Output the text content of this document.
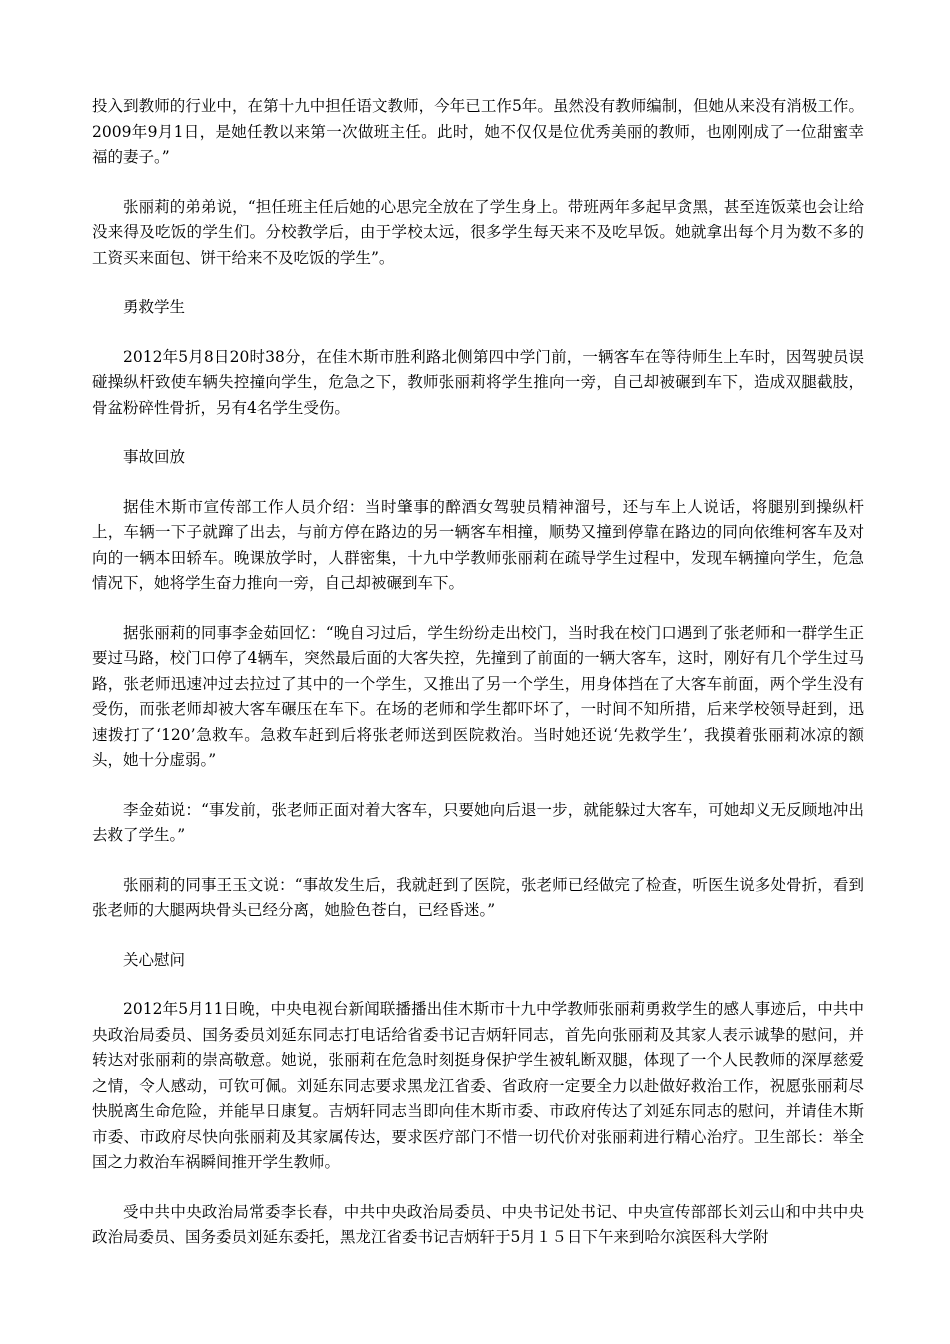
投入到教师的行业中，在第十九中担任语文教师，今年已工作5年。虽然没有教师编制，但她从来没有消极工作。2009年9月1日，是她任教以来第一次做班主任。此时，她不仅仅是位优秀美丽的教师，也刚刚成了一位甜蜜幸福的妻子。”

张丽莉的弟弟说，“担任班主任后她的心思完全放在了学生身上。带班两年多起早贪黑，甚至连饭菜也会让给没来得及吃饭的学生们。分校教学后，由于学校太远，很多学生每天来不及吃早饭。她就拿出每个月为数不多的工资买来面包、饼干给来不及吃饭的学生”。

勇救学生

2012年5月8日20时38分，在佳木斯市胜利路北侧第四中学门前，一辆客车在等待师生上车时，因驾驶员误碰操纵杆致使车辆失控撞向学生，危急之下，教师张丽莉将学生推向一旁，自己却被碾到车下，造成双腿截肢，骨盆粉碎性骨折，另有4名学生受伤。

事故回放

据佳木斯市宣传部工作人员介绍：当时肇事的醉酒女驾驶员精神溜号，还与车上人说话，将腿别到操纵杆上，车辆一下子就蹿了出去，与前方停在路边的另一辆客车相撞，顺势又撞到停靠在路边的同向依维柯客车及对向的一辆本田轿车。晚课放学时，人群密集，十九中学教师张丽莉在疏导学生过程中，发现车辆撞向学生，危急情况下，她将学生奋力推向一旁，自己却被碾到车下。

据张丽莉的同事李金茹回忆：“晚自习过后，学生纷纷走出校门，当时我在校门口遇到了张老师和一群学生正要过马路，校门口停了4辆车，突然最后面的大客失控，先撞到了前面的一辆大客车，这时，刚好有几个学生过马路，张老师迅速冲过去拉过了其中的一个学生，又推出了另一个学生，用身体挡在了大客车前面，两个学生没有受伤，而张老师却被大客车碾压在车下。在场的老师和学生都吓坏了，一时间不知所措，后来学校领导赶到，迅速拨打了‘120’急救车。急救车赶到后将张老师送到医院救治。当时她还说‘先救学生’，我摸着张丽莉冰凉的额头，她十分虚弱。”

李金茹说：“事发前，张老师正面对着大客车，只要她向后退一步，就能躲过大客车，可她却义无反顾地冲出去救了学生。”

张丽莉的同事王玉文说：“事故发生后，我就赶到了医院，张老师已经做完了检查，听医生说多处骨折，看到张老师的大腿两块骨头已经分离，她脸色苍白，已经昏迷。”

关心慰问

2012年5月11日晚，中央电视台新闻联播播出佳木斯市十九中学教师张丽莉勇救学生的感人事迹后，中共中央政治局委员、国务委员刘延东同志打电话给省委书记吉炳轩同志，首先向张丽莉及其家人表示诚挚的慰问，并转达对张丽莉的崇高敬意。她说，张丽莉在危急时刻挺身保护学生被轧断双腿，体现了一个人民教师的深厚慈爱之情，令人感动，可钦可佩。刘延东同志要求黑龙江省委、省政府一定要全力以赴做好救治工作，祝愿张丽莉尽快脱离生命危险，并能早日康复。吉炳轩同志当即向佳木斯市委、市政府传达了刘延东同志的慰问，并请佳木斯市委、市政府尽快向张丽莉及其家属传达，要求医疗部门不惜一切代价对张丽莉进行精心治疗。卫生部长：举全国之力救治车祸瞬间推开学生教师。

受中共中央政治局常委李长春，中共中央政治局委员、中央书记处书记、中央宣传部部长刘云山和中共中央政治局委员、国务委员刘延东委托，黑龙江省委书记吉炳轩于5月１５日下午来到哈尔滨医科大学附
